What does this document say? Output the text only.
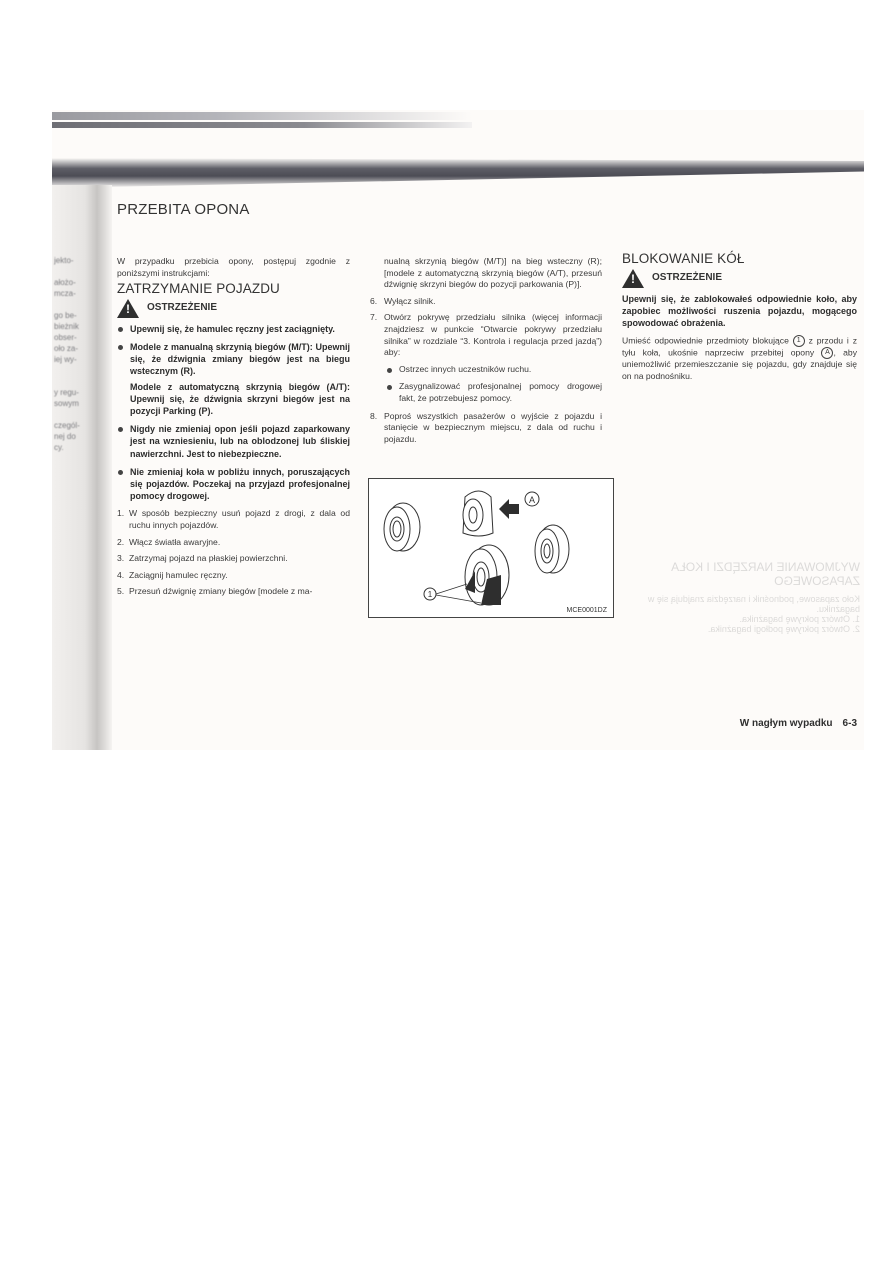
jekto-
ałożo-
mcza-
go be-
bieżnik
obser-
oło za-
iej wy-
y regu-
sowym
czegól-
nej do
cy.
PRZEBITA OPONA
W przypadku przebicia opony, postępuj zgodnie z poniższymi instrukcjami:
ZATRZYMANIE POJAZDU
!
OSTRZEŻENIE
Upewnij się, że hamulec ręczny jest zaciągnięty.
Modele z manualną skrzynią biegów (M/T): Upewnij się, że dźwignia zmiany biegów jest na biegu wstecznym (R).
Modele z automatyczną skrzynią biegów (A/T): Upewnij się, że dźwignia skrzyni biegów jest na pozycji Parking (P).
Nigdy nie zmieniaj opon jeśli pojazd zaparkowany jest na wzniesieniu, lub na oblodzonej lub śliskiej nawierzchni. Jest to niebezpieczne.
Nie zmieniaj koła w pobliżu innych, poruszających się pojazdów. Poczekaj na przyjazd profesjonalnej pomocy drogowej.
1. W sposób bezpieczny usuń pojazd z drogi, z dala od ruchu innych pojazdów.
2. Włącz światła awaryjne.
3. Zatrzymaj pojazd na płaskiej powierzchni.
4. Zaciągnij hamulec ręczny.
5. Przesuń dźwignię zmiany biegów [modele z ma-
nualną skrzynią biegów (M/T)] na bieg wsteczny (R); [modele z automatyczną skrzynią biegów (A/T), przesuń dźwignię skrzyni biegów do pozycji parkowania (P)].
6. Wyłącz silnik.
7. Otwórz pokrywę przedziału silnika (więcej informacji znajdziesz w punkcie “Otwarcie pokrywy przedziału silnika” w rozdziale “3. Kontrola i regulacja przed jazdą”) aby:
Ostrzec innych uczestników ruchu.
Zasygnalizować profesjonalnej pomocy drogowej fakt, że potrzebujesz pomocy.
8. Poproś wszystkich pasażerów o wyjście z pojazdu i stanięcie w bezpiecznym miejscu, z dala od ruchu i pojazdu.
A
1
MCE0001DZ
BLOKOWANIE KÓŁ
!
OSTRZEŻENIE
Upewnij się, że zablokowałeś odpowiednie koło, aby zapobiec możliwości ruszenia pojazdu, mogącego spowodować obrażenia.
Umieść odpowiednie przedmioty blokujące 1 z przodu i z tyłu koła, ukośnie naprzeciw przebitej opony A , aby uniemożliwić przemieszczanie się pojazdu, gdy znajduje się on na podnośniku.
WYJMOWANIE NARZĘDZI I KOŁA ZAPASOWEGO
Koło zapasowe, podnośnik i narzędzia znajdują się w bagażniku.
1. Otwórz pokrywę bagażnika.
2. Otwórz pokrywę podłogi bagażnika.
W nagłym wypadku 6-3
